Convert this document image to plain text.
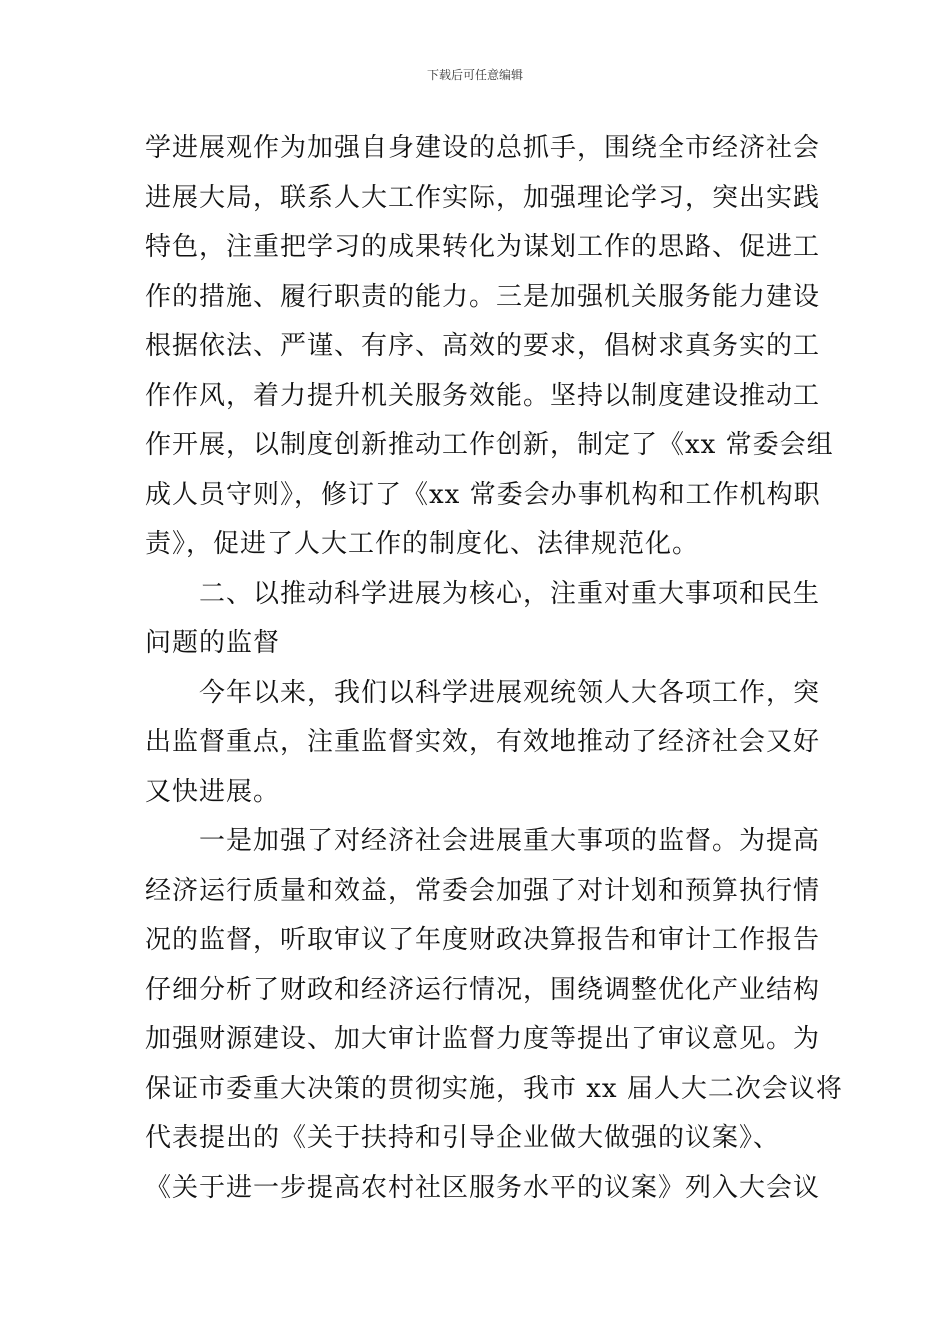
下载后可任意编辑
学进展观作为加强自身建设的总抓手，围绕全市经济社会
进展大局，联系人大工作实际，加强理论学习，突出实践
特色，注重把学习的成果转化为谋划工作的思路、促进工
作的措施、履行职责的能力。三是加强机关服务能力建设
根据依法、严谨、有序、高效的要求，倡树求真务实的工
作作风，着力提升机关服务效能。坚持以制度建设推动工
作开展，以制度创新推动工作创新，制定了《xx 常委会组
成人员守则》，修订了《xx 常委会办事机构和工作机构职
责》，促进了人大工作的制度化、法律规范化。
二、以推动科学进展为核心，注重对重大事项和民生
问题的监督
今年以来，我们以科学进展观统领人大各项工作，突
出监督重点，注重监督实效，有效地推动了经济社会又好
又快进展。
一是加强了对经济社会进展重大事项的监督。为提高
经济运行质量和效益，常委会加强了对计划和预算执行情
况的监督，听取审议了年度财政决算报告和审计工作报告
仔细分析了财政和经济运行情况，围绕调整优化产业结构
加强财源建设、加大审计监督力度等提出了审议意见。为
保证市委重大决策的贯彻实施，我市 xx 届人大二次会议将
代表提出的《关于扶持和引导企业做大做强的议案》、
《关于进一步提高农村社区服务水平的议案》列入大会议
